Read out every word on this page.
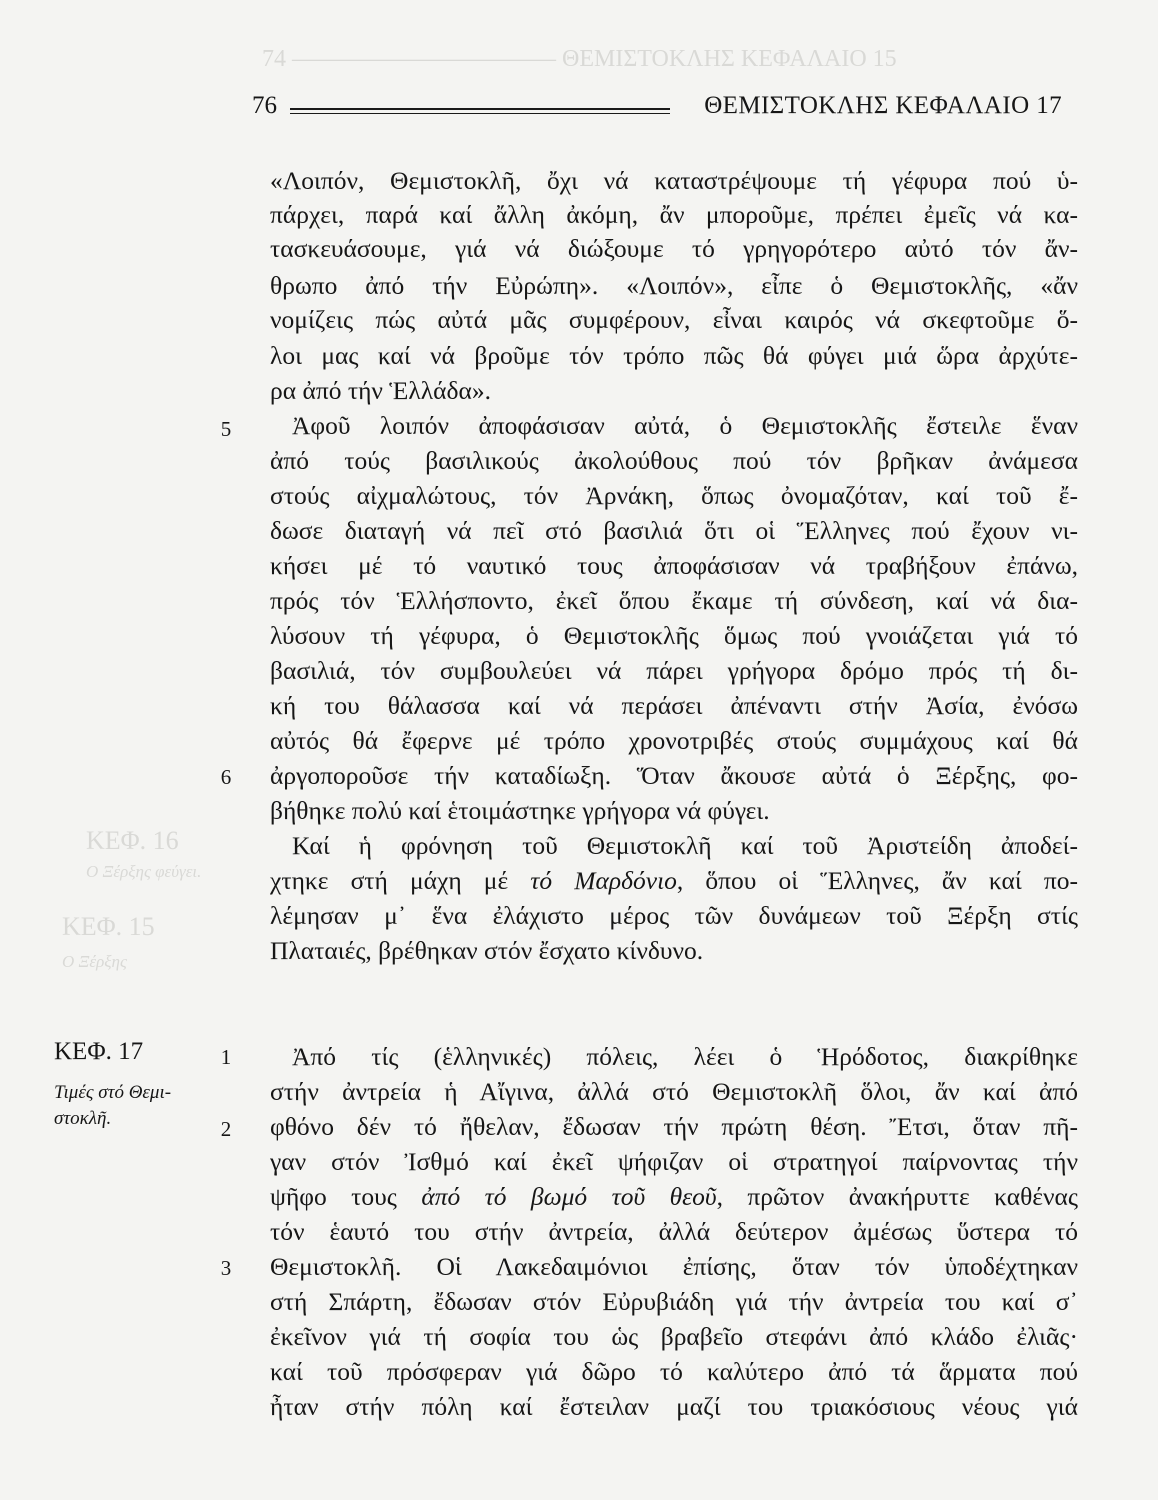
74 ——————————— ΘΕΜΙΣΤΟΚΛΗΣ ΚΕΦΑΛΑΙΟ 15
ΚΕΦ. 16
Ο Ξέρξης φεύγει.
ΚΕΦ. 15
Ο Ξέρξης
76	ΘΕΜΙΣΤΟΚΛΗΣ ΚΕΦΑΛΑΙΟ 17
«Λοιπόν, Θεμιστοκλῆ, ὄχι νά καταστρέψουμε τή γέφυρα πού ὑ-
πάρχει, παρά καί ἄλλη ἀκόμη, ἄν μποροῦμε, πρέπει ἐμεῖς νά κα-
τασκευάσουμε, γιά νά διώξουμε τό γρηγορότερο αὐτό τόν ἄν-
θρωπο ἀπό τήν Εὐρώπη». «Λοιπόν», εἶπε ὁ Θεμιστοκλῆς, «ἄν
νομίζεις πώς αὐτά μᾶς συμφέρουν, εἶναι καιρός νά σκεφτοῦμε ὅ-
λοι μας καί νά βροῦμε τόν τρόπο πῶς θά φύγει μιά ὥρα ἀρχύτε-
ρα ἀπό τήν Ἑλλάδα».
Ἀφοῦ λοιπόν ἀποφάσισαν αὐτά, ὁ Θεμιστοκλῆς ἔστειλε ἕναν
ἀπό τούς βασιλικούς ἀκολούθους πού τόν βρῆκαν ἀνάμεσα
στούς αἰχμαλώτους, τόν Ἀρνάκη, ὅπως ὀνομαζόταν, καί τοῦ ἔ-
δωσε διαταγή νά πεῖ στό βασιλιά ὅτι οἱ Ἕλληνες πού ἔχουν νι-
κήσει μέ τό ναυτικό τους ἀποφάσισαν νά τραβήξουν ἐπάνω,
πρός τόν Ἑλλήσποντο, ἐκεῖ ὅπου ἔκαμε τή σύνδεση, καί νά δια-
λύσουν τή γέφυρα, ὁ Θεμιστοκλῆς ὅμως πού γνοιάζεται γιά τό
βασιλιά, τόν συμβουλεύει νά πάρει γρήγορα δρόμο πρός τή δι-
κή του θάλασσα καί νά περάσει ἀπέναντι στήν Ἀσία, ἐνόσω
αὐτός θά ἔφερνε μέ τρόπο χρονοτριβές στούς συμμάχους καί θά
ἀργοποροῦσε τήν καταδίωξη. Ὅταν ἄκουσε αὐτά ὁ Ξέρξης, φο-
βήθηκε πολύ καί ἑτοιμάστηκε γρήγορα νά φύγει.
Καί ἡ φρόνηση τοῦ Θεμιστοκλῆ καί τοῦ Ἀριστείδη ἀποδεί-
χτηκε στή μάχη μέ τό Μαρδόνιο, ὅπου οἱ Ἕλληνες, ἄν καί πο-
λέμησαν μ᾽ ἕνα ἐλάχιστο μέρος τῶν δυνάμεων τοῦ Ξέρξη στίς
Πλαταιές, βρέθηκαν στόν ἔσχατο κίνδυνο.
5
6
ΚΕΦ. 17
Τιμές στό Θεμι-στοκλῆ.
1
2
3
Ἀπό τίς (ἑλληνικές) πόλεις, λέει ὁ Ἡρόδοτος, διακρίθηκε
στήν ἀντρεία ἡ Αἴγινα, ἀλλά στό Θεμιστοκλῆ ὅλοι, ἄν καί ἀπό
φθόνο δέν τό ἤθελαν, ἔδωσαν τήν πρώτη θέση. Ἔτσι, ὅταν πῆ-
γαν στόν Ἰσθμό καί ἐκεῖ ψήφιζαν οἱ στρατηγοί παίρνοντας τήν
ψῆφο τους ἀπό τό βωμό τοῦ θεοῦ, πρῶτον ἀνακήρυττε καθένας
τόν ἑαυτό του στήν ἀντρεία, ἀλλά δεύτερον ἀμέσως ὕστερα τό
Θεμιστοκλῆ. Οἱ Λακεδαιμόνιοι ἐπίσης, ὅταν τόν ὑποδέχτηκαν
στή Σπάρτη, ἔδωσαν στόν Εὐρυβιάδη γιά τήν ἀντρεία του καί σ᾽
ἐκεῖνον γιά τή σοφία του ὡς βραβεῖο στεφάνι ἀπό κλάδο ἐλιᾶς·
καί τοῦ πρόσφεραν γιά δῶρο τό καλύτερο ἀπό τά ἅρματα πού
ἦταν στήν πόλη καί ἔστειλαν μαζί του τριακόσιους νέους γιά
